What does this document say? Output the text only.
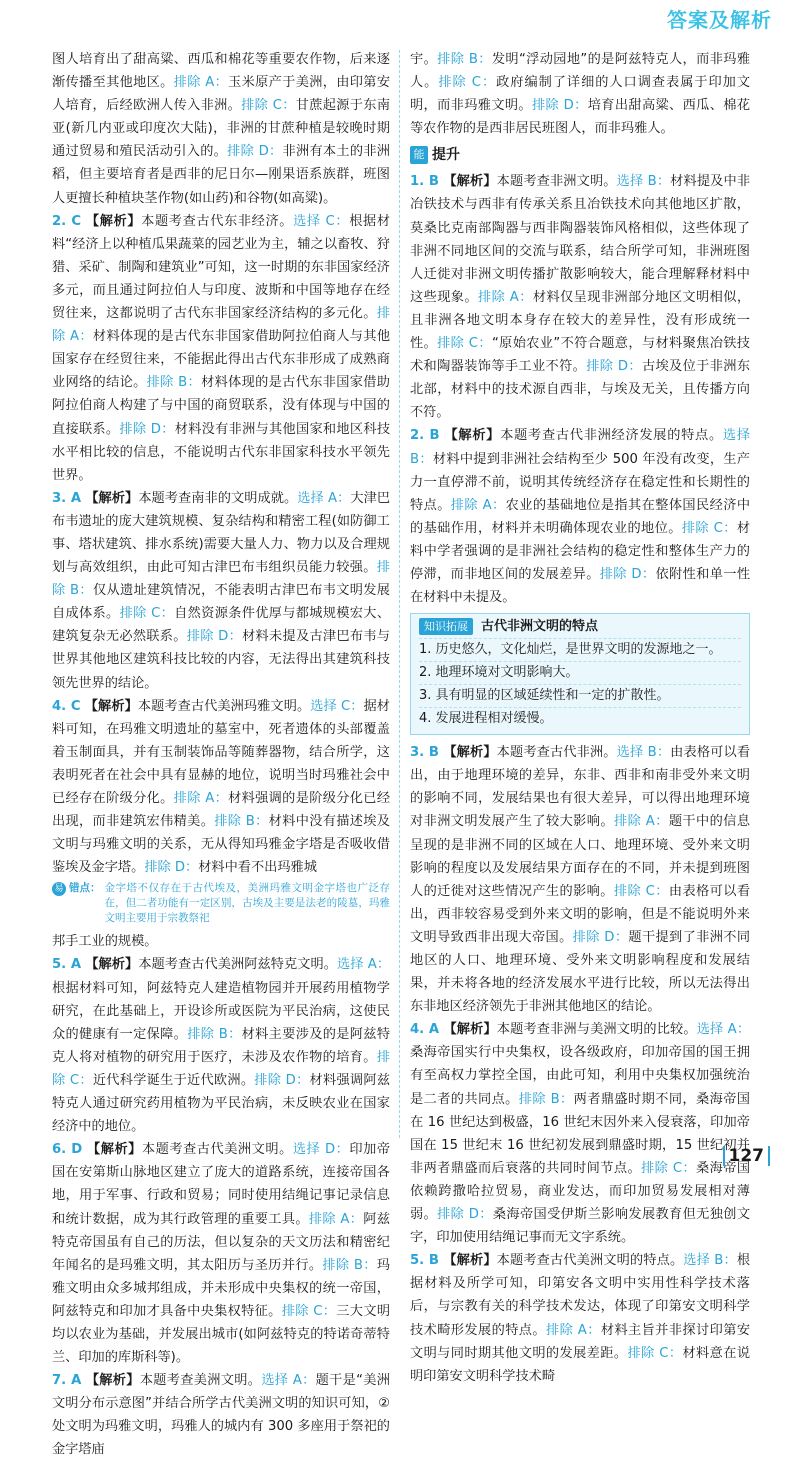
答案及解析

图人培育出了甜高粱、西瓜和棉花等重要农作物，后来逐渐传播至其他地区。排除 A：玉米原产于美洲，由印第安人培育，后经欧洲人传入非洲。排除 C：甘蔗起源于东南亚(新几内亚或印度次大陆)，非洲的甘蔗种植是较晚时期通过贸易和殖民活动引入的。排除 D：非洲有本土的非洲稻，但主要培育者是西非的尼日尔—刚果语系族群，班图人更擅长种植块茎作物(如山药)和谷物(如高粱)。

2. C 【解析】本题考查古代东非经济。选择 C：根据材料“经济上以种植瓜果蔬菜的园艺业为主，辅之以畜牧、狩猎、采矿、制陶和建筑业”可知，这一时期的东非国家经济多元，而且通过阿拉伯人与印度、波斯和中国等地存在经贸往来，这都说明了古代东非国家经济结构的多元化。排除 A：材料体现的是古代东非国家借助阿拉伯商人与其他国家存在经贸往来，不能据此得出古代东非形成了成熟商业网络的结论。排除 B：材料体现的是古代东非国家借助阿拉伯商人构建了与中国的商贸联系，没有体现与中国的直接联系。排除 D：材料没有非洲与其他国家和地区科技水平相比较的信息，不能说明古代东非国家科技水平领先世界。

3. A 【解析】本题考查南非的文明成就。选择 A：大津巴布韦遗址的庞大建筑规模、复杂结构和精密工程(如防御工事、塔状建筑、排水系统)需要大量人力、物力以及合理规划与高效组织，由此可知古津巴布韦组织员能力较强。排除 B：仅从遗址建筑情况，不能表明古津巴布韦文明发展自成体系。排除 C：自然资源条件优厚与都城规模宏大、建筑复杂无必然联系。排除 D：材料未提及古津巴布韦与世界其他地区建筑科技比较的内容，无法得出其建筑科技领先世界的结论。

4. C 【解析】本题考查古代美洲玛雅文明。选择 C：据材料可知，在玛雅文明遗址的墓室中，死者遗体的头部覆盖着玉制面具，并有玉制装饰品等随葬器物，结合所学，这表明死者在社会中具有显赫的地位，说明当时玛雅社会中已经存在阶级分化。排除 A：材料强调的是阶级分化已经出现，而非建筑宏伟精美。排除 B：材料中没有描述埃及文明与玛雅文明的关系，无从得知玛雅金字塔是否吸收借鉴埃及金字塔。排除 D：材料中看不出玛雅城

易 错点： 金字塔不仅存在于古代埃及，美洲玛雅文明金字塔也广泛存在，但二者功能有一定区别，古埃及主要是法老的陵墓，玛雅文明主要用于宗教祭祀

邦手工业的规模。

5. A 【解析】本题考查古代美洲阿兹特克文明。选择 A：根据材料可知，阿兹特克人建造植物园并开展药用植物学研究，在此基础上，开设诊所或医院为平民治病，这使民众的健康有一定保障。排除 B：材料主要涉及的是阿兹特克人将对植物的研究用于医疗，未涉及农作物的培育。排除 C：近代科学诞生于近代欧洲。排除 D：材料强调阿兹特克人通过研究药用植物为平民治病，未反映农业在国家经济中的地位。

6. D 【解析】本题考查古代美洲文明。选择 D：印加帝国在安第斯山脉地区建立了庞大的道路系统，连接帝国各地，用于军事、行政和贸易；同时使用结绳记事记录信息和统计数据，成为其行政管理的重要工具。排除 A：阿兹特克帝国虽有自己的历法，但以复杂的天文历法和精密纪年闻名的是玛雅文明，其太阳历与圣历并行。排除 B：玛雅文明由众多城邦组成，并未形成中央集权的统一帝国，阿兹特克和印加才具备中央集权特征。排除 C：三大文明均以农业为基础，并发展出城市(如阿兹特克的特诺奇蒂特兰、印加的库斯科等)。

7. A 【解析】本题考查美洲文明。选择 A：题干是“美洲文明分布示意图”并结合所学古代美洲文明的知识可知，②处文明为玛雅文明，玛雅人的城内有 300 多座用于祭祀的金字塔庙

宇。排除 B：发明“浮动园地”的是阿兹特克人，而非玛雅人。排除 C：政府编制了详细的人口调查表属于印加文明，而非玛雅文明。排除 D：培育出甜高粱、西瓜、棉花等农作物的是西非居民班图人，而非玛雅人。

能 提升

1. B 【解析】本题考查非洲文明。选择 B：材料提及中非冶铁技术与西非有传承关系且冶铁技术向其他地区扩散，莫桑比克南部陶器与西非陶器装饰风格相似，这些体现了非洲不同地区间的交流与联系，结合所学可知，非洲班图人迁徙对非洲文明传播扩散影响较大，能合理解释材料中这些现象。排除 A：材料仅呈现非洲部分地区文明相似，且非洲各地文明本身存在较大的差异性，没有形成统一性。排除 C：“原始农业”不符合题意，与材料聚焦冶铁技术和陶器装饰等手工业不符。排除 D：古埃及位于非洲东北部，材料中的技术源自西非，与埃及无关，且传播方向不符。

2. B 【解析】本题考查古代非洲经济发展的特点。选择 B：材料中提到非洲社会结构至少 500 年没有改变，生产力一直停滞不前，说明其传统经济存在稳定性和长期性的特点。排除 A：农业的基础地位是指其在整体国民经济中的基础作用，材料并未明确体现农业的地位。排除 C：材料中学者强调的是非洲社会结构的稳定性和整体生产力的停滞，而非地区间的发展差异。排除 D：依附性和单一性在材料中未提及。

知识拓展	古代非洲文明的特点
1. 历史悠久，文化灿烂，是世界文明的发源地之一。
2. 地理环境对文明影响大。
3. 具有明显的区域延续性和一定的扩散性。
4. 发展进程相对缓慢。

3. B 【解析】本题考查古代非洲。选择 B：由表格可以看出，由于地理环境的差异，东非、西非和南非受外来文明的影响不同，发展结果也有很大差异，可以得出地理环境对非洲文明发展产生了较大影响。排除 A：题干中的信息呈现的是非洲不同的区域在人口、地理环境、受外来文明影响的程度以及发展结果方面存在的不同，并未提到班图人的迁徙对这些情况产生的影响。排除 C：由表格可以看出，西非较容易受到外来文明的影响，但是不能说明外来文明导致西非出现大帝国。排除 D：题干提到了非洲不同地区的人口、地理环境、受外来文明影响程度和发展结果，并未将各地的经济发展水平进行比较，所以无法得出东非地区经济领先于非洲其他地区的结论。

4. A 【解析】本题考查非洲与美洲文明的比较。选择 A：桑海帝国实行中央集权，设各级政府，印加帝国的国王拥有至高权力掌控全国，由此可知，利用中央集权加强统治是二者的共同点。排除 B：两者鼎盛时期不同，桑海帝国在 16 世纪达到极盛，16 世纪末因外来入侵衰落，印加帝国在 15 世纪末 16 世纪初发展到鼎盛时期，15 世纪初并非两者鼎盛而后衰落的共同时间节点。排除 C：桑海帝国依赖跨撒哈拉贸易，商业发达，而印加贸易发展相对薄弱。排除 D：桑海帝国受伊斯兰影响发展教育但无独创文字，印加使用结绳记事而无文字系统。

5. B 【解析】本题考查古代美洲文明的特点。选择 B：根据材料及所学可知，印第安各文明中实用性科学技术落后，与宗教有关的科学技术发达，体现了印第安文明科学技术畸形发展的特点。排除 A：材料主旨并非探讨印第安文明与同时期其他文明的发展差距。排除 C：材料意在说明印第安文明科学技术畸

127
